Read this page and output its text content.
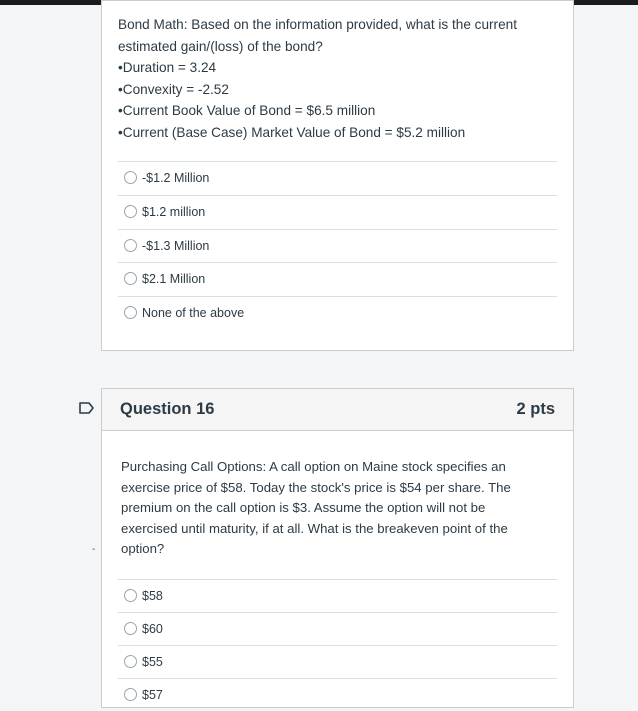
Bond Math: Based on the information provided, what is the current
estimated gain/(loss) of the bond?
•Duration = 3.24
•Convexity = -2.52
•Current Book Value of Bond = $6.5 million
•Current (Base Case) Market Value of Bond = $5.2 million
-$1.2 Million
$1.2 million
-$1.3 Million
$2.1 Million
None of the above
Question 16	2 pts

Purchasing Call Options: A call option on Maine stock specifies an exercise price of $58. Today the stock's price is $54 per share. The premium on the call option is $3. Assume the option will not be exercised until maturity, if at all. What is the breakeven point of the option?

$58
$60
$55
$57
-
